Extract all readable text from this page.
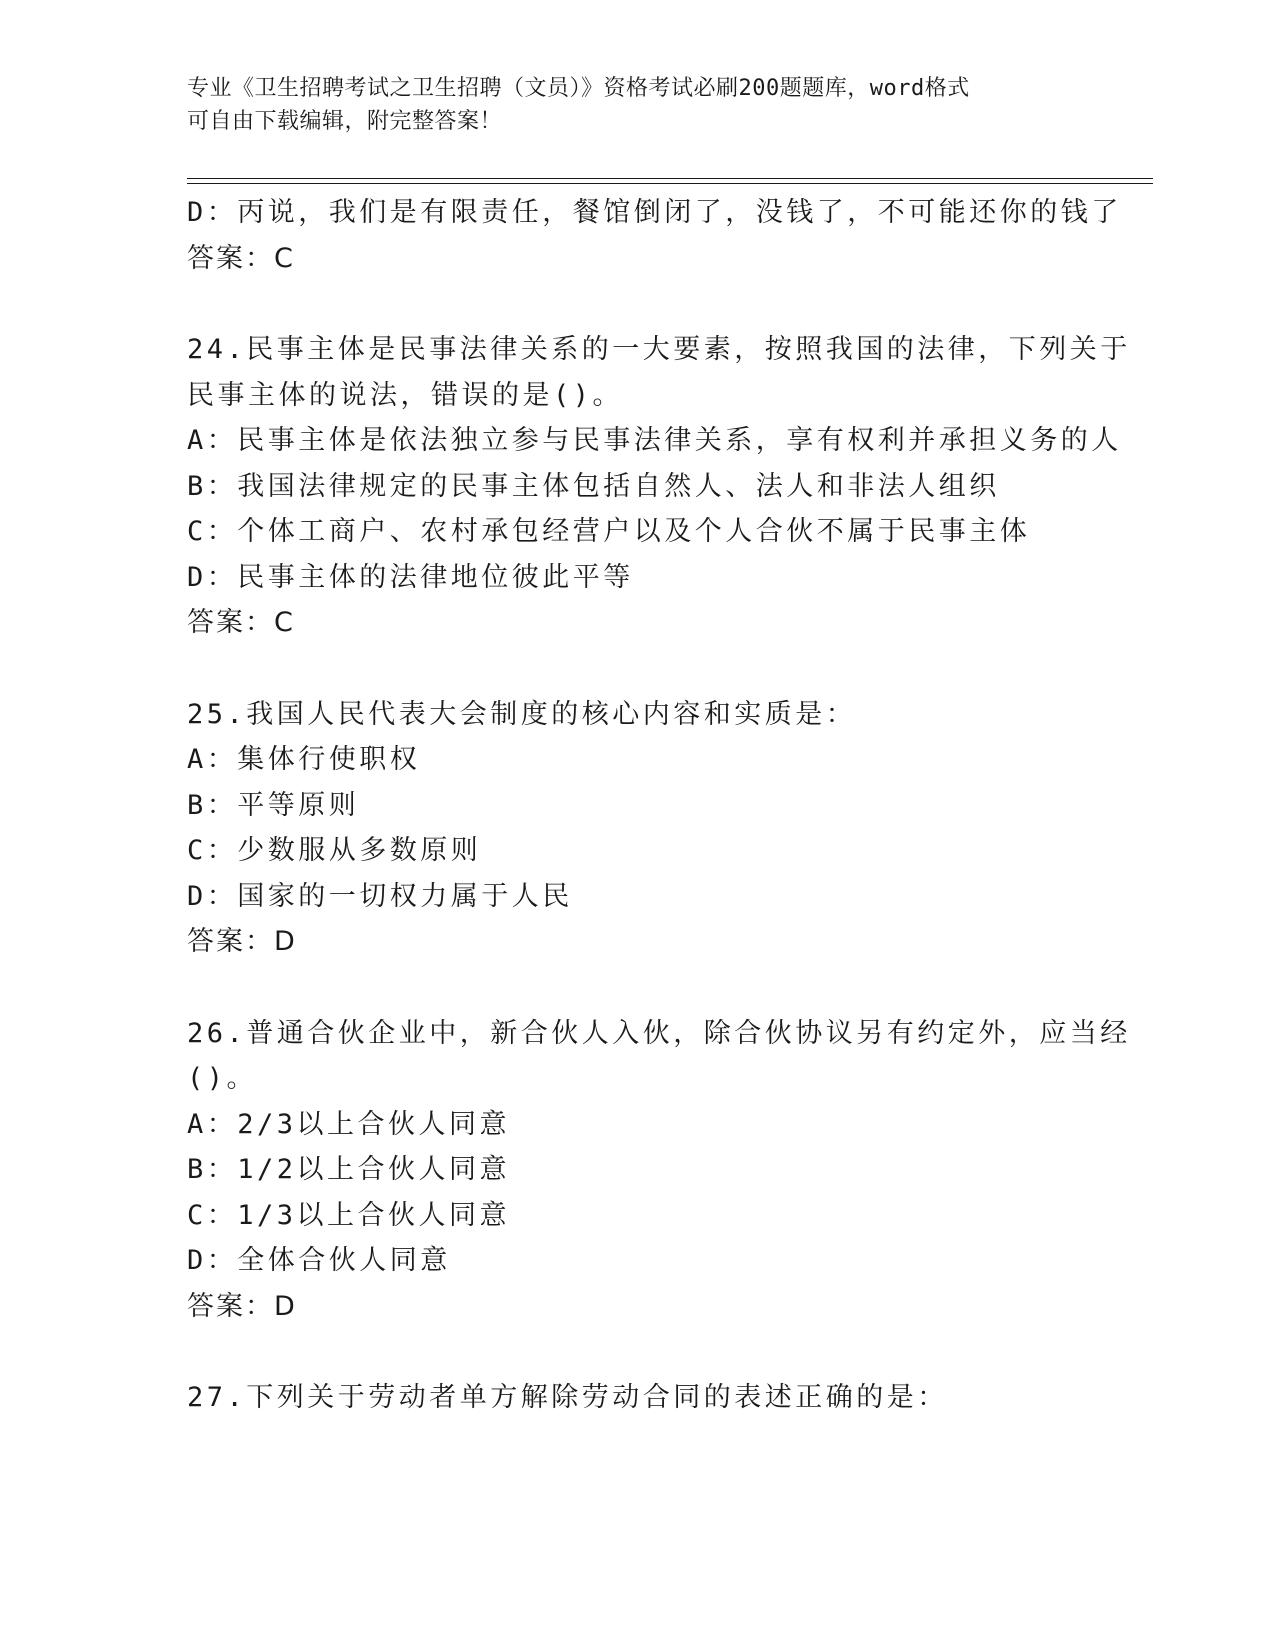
专业《卫生招聘考试之卫生招聘（文员）》资格考试必刷200题题库，word格式
可自由下载编辑，附完整答案！
D：丙说，我们是有限责任，餐馆倒闭了，没钱了，不可能还你的钱了
答案：C
24.民事主体是民事法律关系的一大要素，按照我国的法律，下列关于
民事主体的说法，错误的是()。
A：民事主体是依法独立参与民事法律关系，享有权利并承担义务的人
B：我国法律规定的民事主体包括自然人、法人和非法人组织
C：个体工商户、农村承包经营户以及个人合伙不属于民事主体
D：民事主体的法律地位彼此平等
答案：C
25.我国人民代表大会制度的核心内容和实质是：
A：集体行使职权
B：平等原则
C：少数服从多数原则
D：国家的一切权力属于人民
答案：D
26.普通合伙企业中，新合伙人入伙，除合伙协议另有约定外，应当经
()。
A：2/3以上合伙人同意
B：1/2以上合伙人同意
C：1/3以上合伙人同意
D：全体合伙人同意
答案：D
27.下列关于劳动者单方解除劳动合同的表述正确的是：
